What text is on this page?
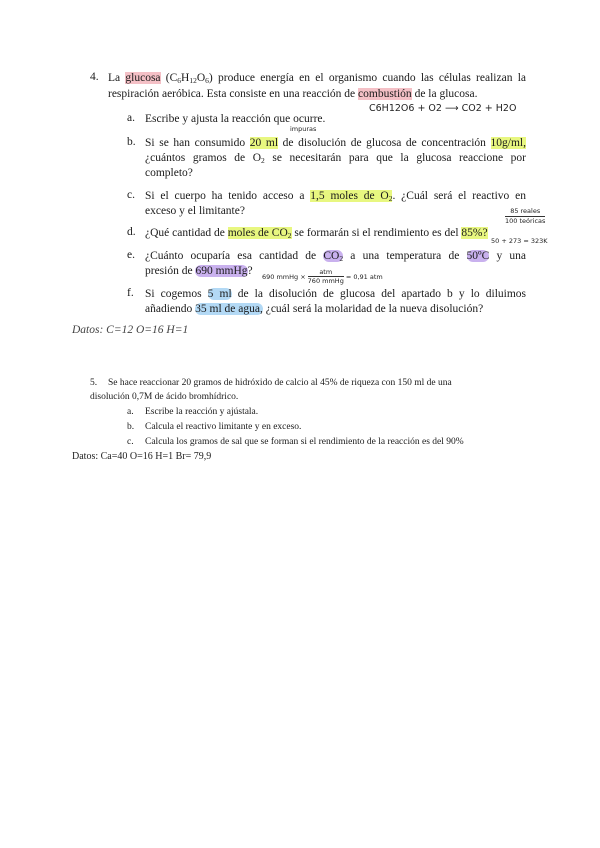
4. La glucosa $(C_6H_{12}O_6)$ produce energía en el organismo cuando las células realizan la
respiración aeróbica. Esta consiste en una reacción de combustión de la glucosa.
a. Escribe y ajusta la reacción que ocurre.
C6H12O6 + O2 ⟶ CO2 + H2O
b.
impuras
Si se han consumido 20 ml de disolución de glucosa de concentración 10g/ml,
¿cuántos gramos de $O_2$ se necesitarán para que la glucosa reaccione por
completo?
c. Si el cuerpo ha tenido acceso a 1,5 moles de $O_2$. ¿Cuál será el reactivo en
exceso y el limitante?
d. ¿Qué cantidad de moles de $CO_2$ se formarán si el rendimiento es del 85%?
85 reales
100 teóricas
e.
50 + 273 = 323K
¿Cuánto ocuparía esa cantidad de $CO_2$ a una temperatura de 50ºC y una
presión de 690 mmHg? 690 mmHg ×
atm
760 mmHg
= 0,91 atm
f. Si cogemos 5 ml de la disolución de glucosa del apartado b y lo diluimos
añadiendo 35 ml de agua, ¿cuál será la molaridad de la nueva disolución?
Datos: C=12 O=16 H=1
5. Se hace reaccionar 20 gramos de hidróxido de calcio al 45% de riqueza con 150 ml de una
disolución 0,7M de ácido bromhídrico.
a. Escribe la reacción y ajústala.
b. Calcula el reactivo limitante y en exceso.
c. Calcula los gramos de sal que se forman si el rendimiento de la reacción es del 90%
Datos: Ca=40 O=16 H=1 Br= 79,9
